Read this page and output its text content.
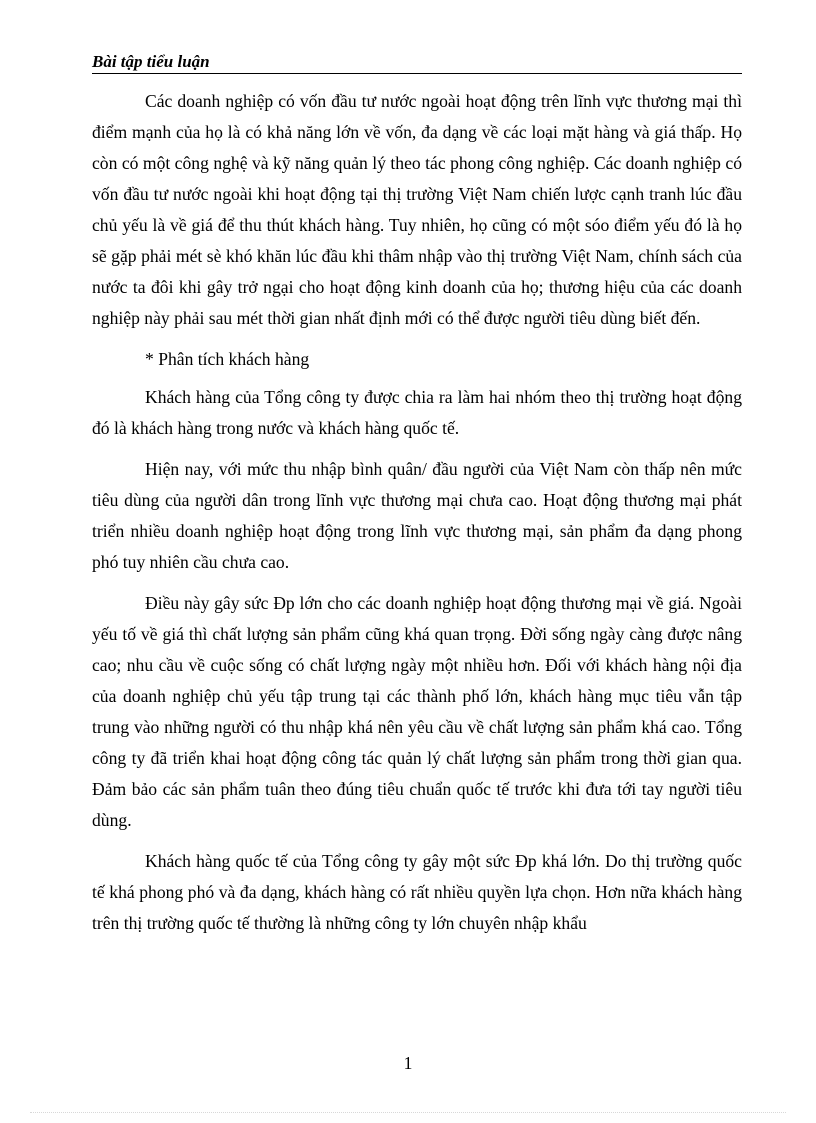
Bài tập tiểu luận

Các doanh nghiệp có vốn đầu tư nước ngoài hoạt động trên lĩnh vực thương mại thì điểm mạnh của họ là có khả năng lớn về vốn, đa dạng về các loại mặt hàng và giá thấp. Họ còn có một công nghệ và kỹ năng quản lý theo tác phong công nghiệp. Các doanh nghiệp có vốn đầu tư nước ngoài khi hoạt động tại thị trường Việt Nam chiến lược cạnh tranh lúc đầu chủ yếu là về giá để thu thút khách hàng. Tuy nhiên, họ cũng có một sóo điểm yếu đó là họ sẽ gặp phải mét sè khó khăn lúc đầu khi thâm nhập vào thị trường Việt Nam, chính sách của nước ta đôi khi gây trở ngại cho hoạt động kinh doanh của họ; thương hiệu của các doanh nghiệp này phải sau mét thời gian nhất định mới có thể được người tiêu dùng biết đến.

* Phân tích khách hàng

Khách hàng của Tổng công ty được chia ra làm hai nhóm theo thị trường hoạt động đó là khách hàng trong nước và khách hàng quốc tế.

Hiện nay, với mức thu nhập bình quân/ đầu người của Việt Nam còn thấp nên mức tiêu dùng của người dân trong lĩnh vực thương mại chưa cao. Hoạt động thương mại phát triển nhiều doanh nghiệp hoạt động trong lĩnh vực thương mại, sản phẩm đa dạng phong phó tuy nhiên cầu chưa cao.

Điều này gây sức Ðp lớn cho các doanh nghiệp hoạt động thương mại về giá. Ngoài yếu tố về giá thì chất lượng sản phẩm cũng khá quan trọng. Đời sống ngày càng được nâng cao; nhu cầu về cuộc sống có chất lượng ngày một nhiều hơn. Đối với khách hàng nội địa của doanh nghiệp chủ yếu tập trung tại các thành phố lớn, khách hàng mục tiêu vẫn tập trung vào những người có thu nhập khá nên yêu cầu về chất lượng sản phẩm khá cao. Tổng công ty đã triển khai hoạt động công tác quản lý chất lượng sản phẩm trong thời gian qua. Đảm bảo các sản phẩm tuân theo đúng tiêu chuẩn quốc tế trước khi đưa tới tay người tiêu dùng.

Khách hàng quốc tế của Tổng công ty gây một sức Ðp khá lớn. Do thị trường quốc tế khá phong phó và đa dạng, khách hàng có rất nhiều quyền lựa chọn. Hơn nữa khách hàng trên thị trường quốc tế thường là những công ty lớn chuyên nhập khẩu

1
